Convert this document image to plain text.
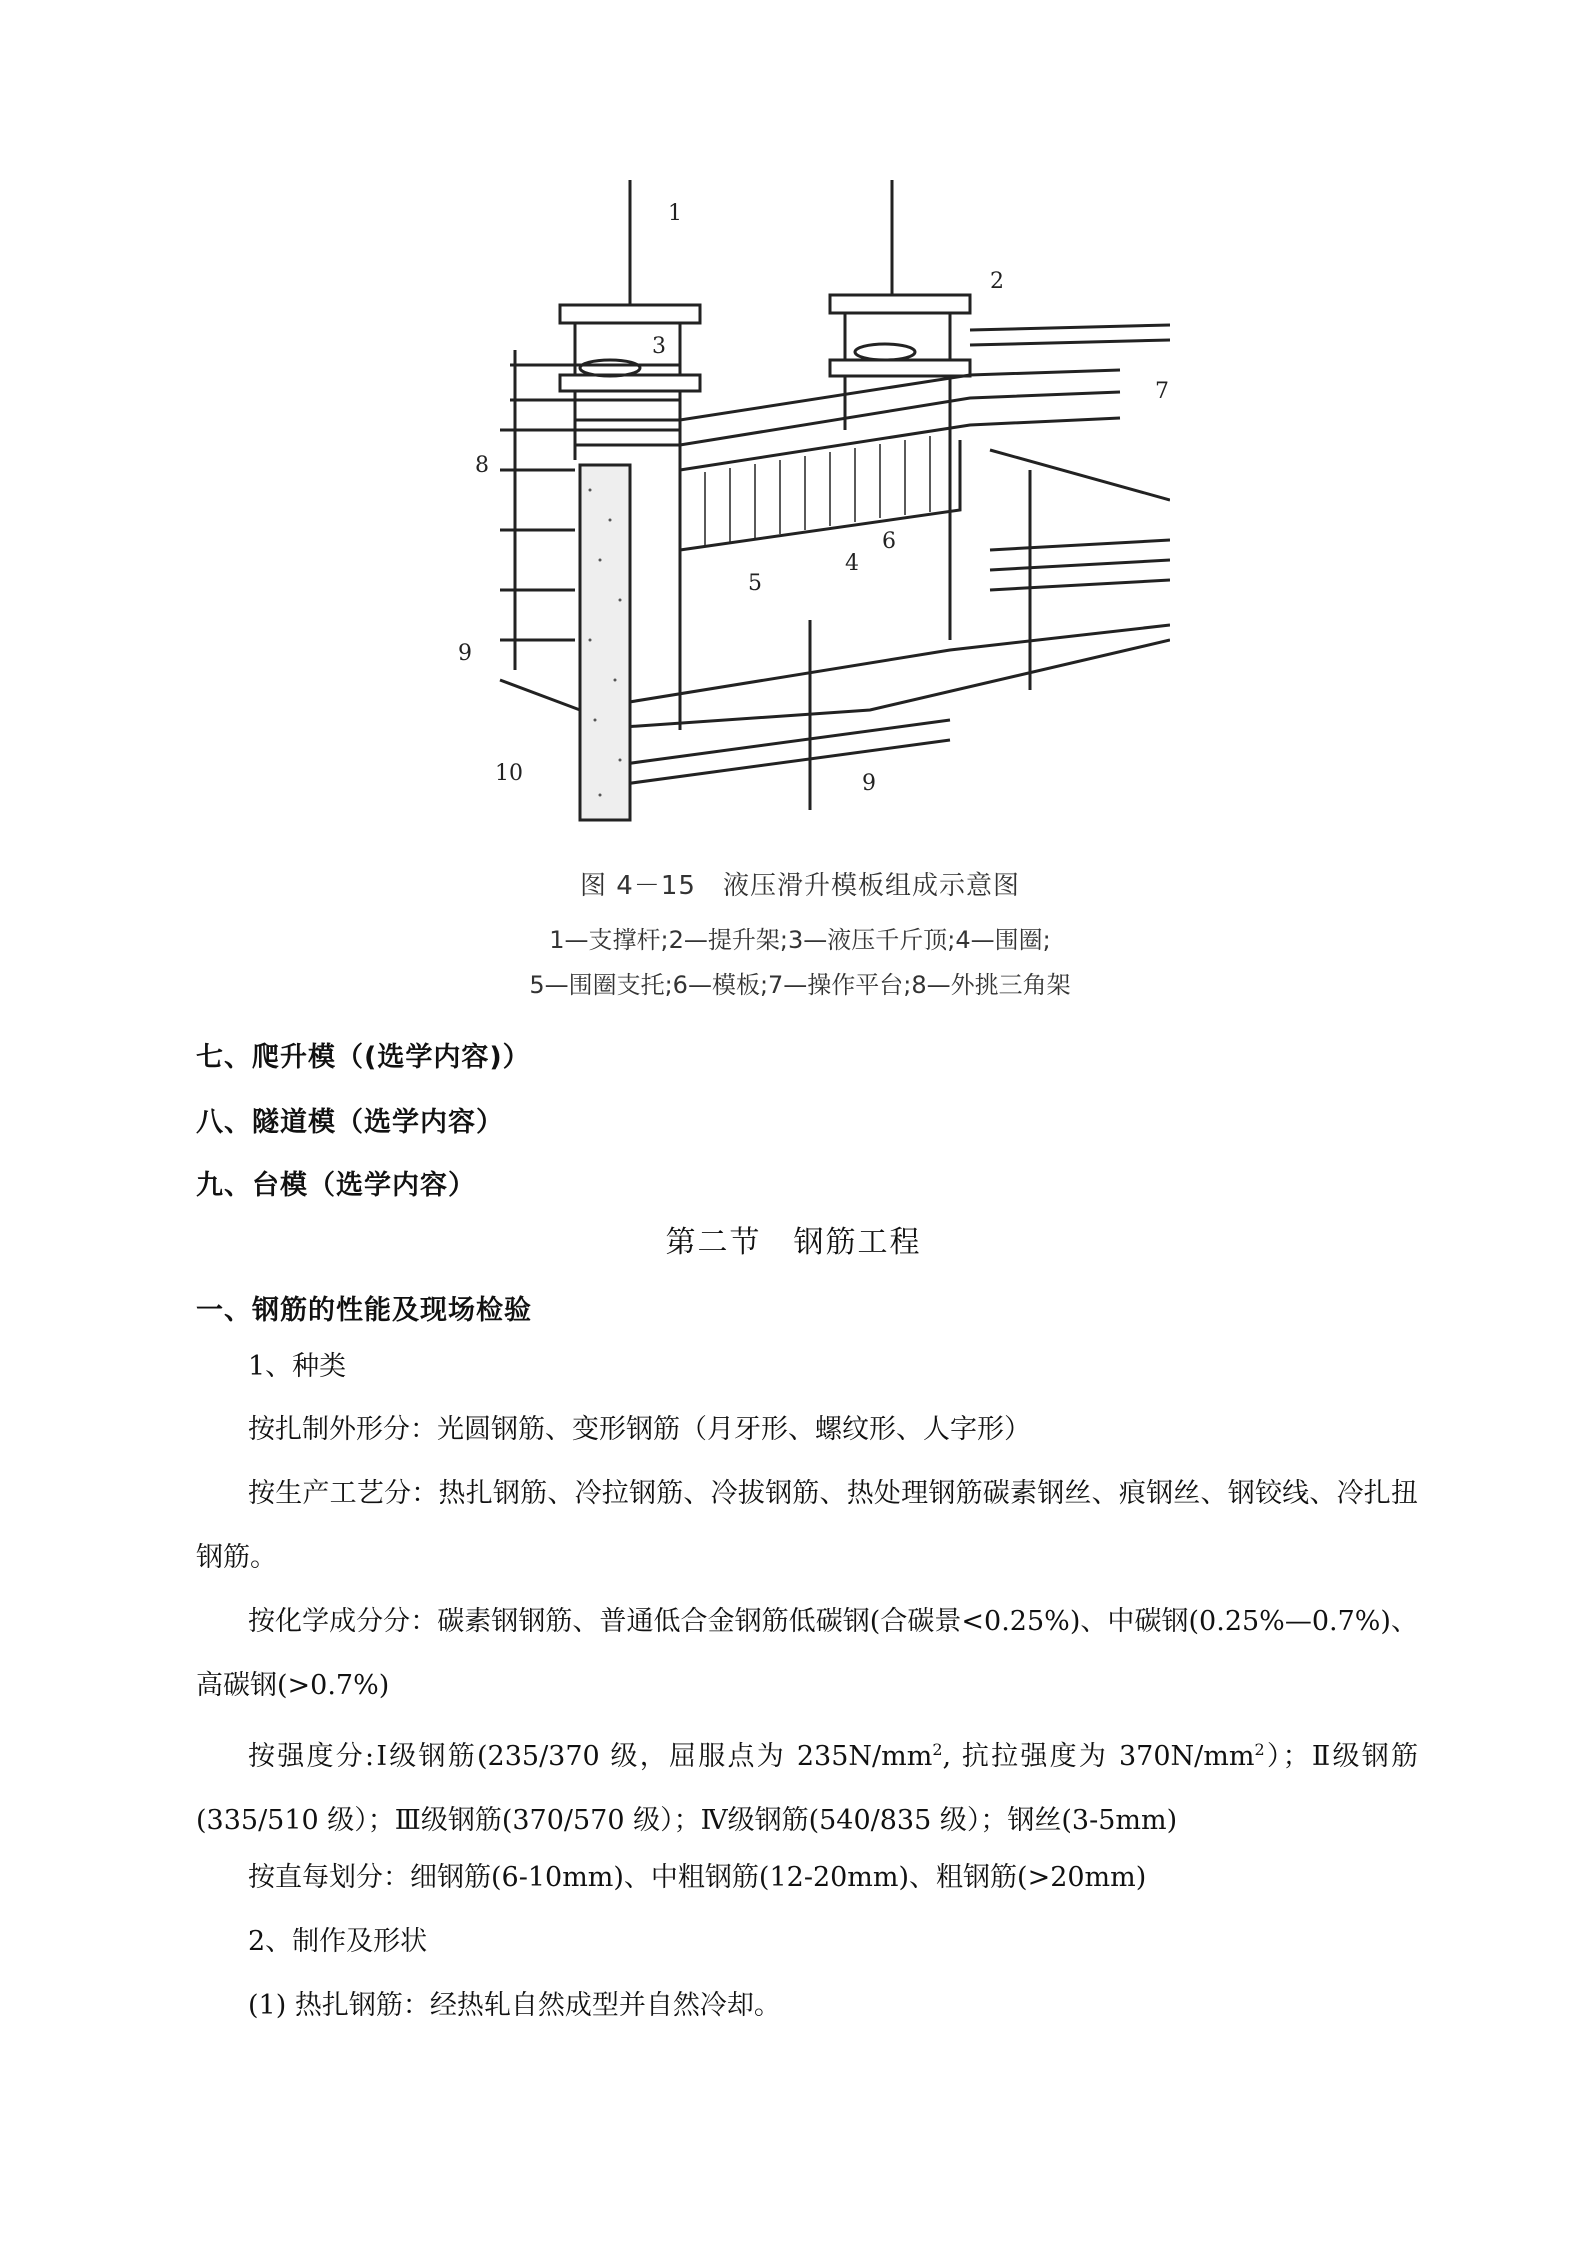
1
2
3
4
5
6
7
8
9
9
10
图 4－15　液压滑升模板组成示意图
1—支撑杆;2—提升架;3—液压千斤顶;4—围圈;
5—围圈支托;6—模板;7—操作平台;8—外挑三角架
七、爬升模（(选学内容)）
八、隧道模（选学内容）
九、台模（选学内容）
第二节　钢筋工程
一、钢筋的性能及现场检验
1、种类
按扎制外形分：光圆钢筋、变形钢筋（月牙形、螺纹形、人字形）
按生产工艺分：热扎钢筋、冷拉钢筋、冷拔钢筋、热处理钢筋碳素钢丝、痕钢丝、钢铰线、冷扎扭钢筋。
按化学成分分：碳素钢钢筋、普通低合金钢筋低碳钢(合碳景<0.25%)、中碳钢(0.25%—0.7%)、高碳钢(>0.7%)
按强度分:Ⅰ级钢筋(235/370 级，屈服点为 $235N/mm^2$, 抗拉强度为 $370N/mm^2$）；Ⅱ级钢筋(335/510 级）；Ⅲ级钢筋(370/570 级）；Ⅳ级钢筋(540/835 级）；钢丝(3-5mm)
按直每划分：细钢筋(6-10mm)、中粗钢筋(12-20mm)、粗钢筋(>20mm)
2、制作及形状
(1) 热扎钢筋：经热轧自然成型并自然冷却。
